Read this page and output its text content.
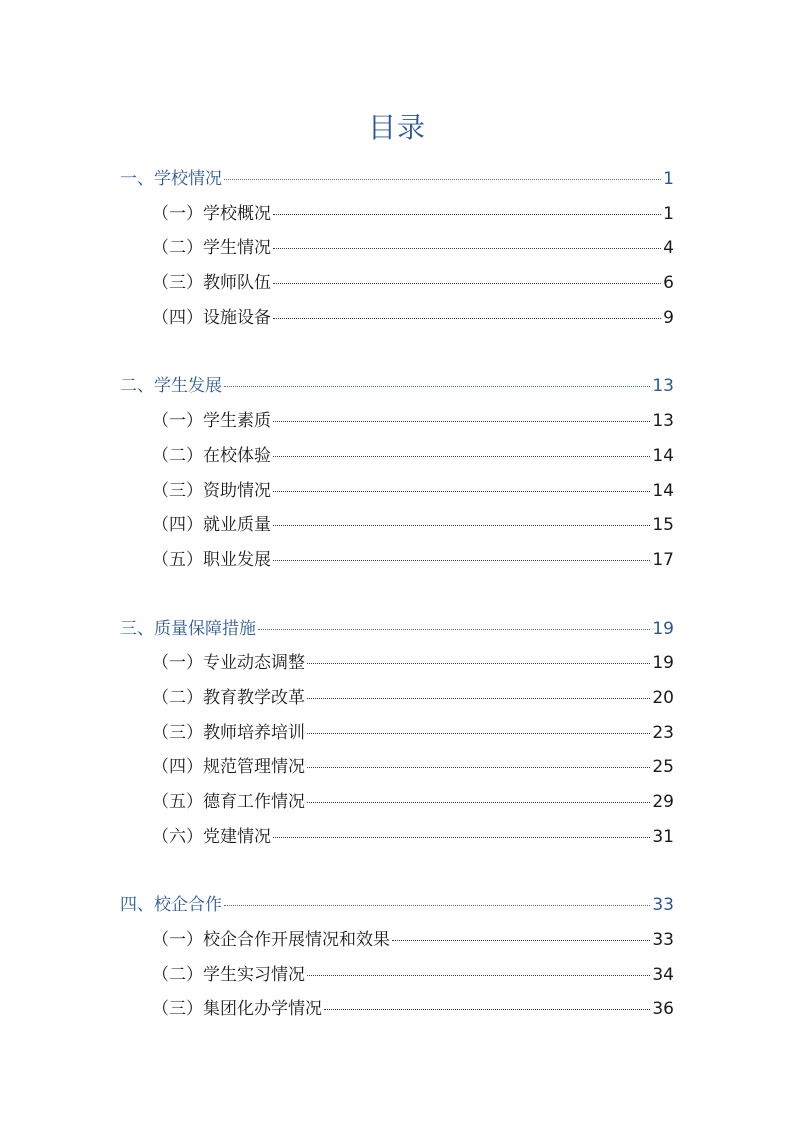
目录
一、学校情况	1
（一）学校概况	1
（二）学生情况	4
（三）教师队伍	6
（四）设施设备	9
二、学生发展	13
（一）学生素质	13
（二）在校体验	14
（三）资助情况	14
（四）就业质量	15
（五）职业发展	17
三、质量保障措施	19
（一）专业动态调整	19
（二）教育教学改革	20
（三）教师培养培训	23
（四）规范管理情况	25
（五）德育工作情况	29
（六）党建情况	31
四、校企合作	33
（一）校企合作开展情况和效果	33
（二）学生实习情况	34
（三）集团化办学情况	36
